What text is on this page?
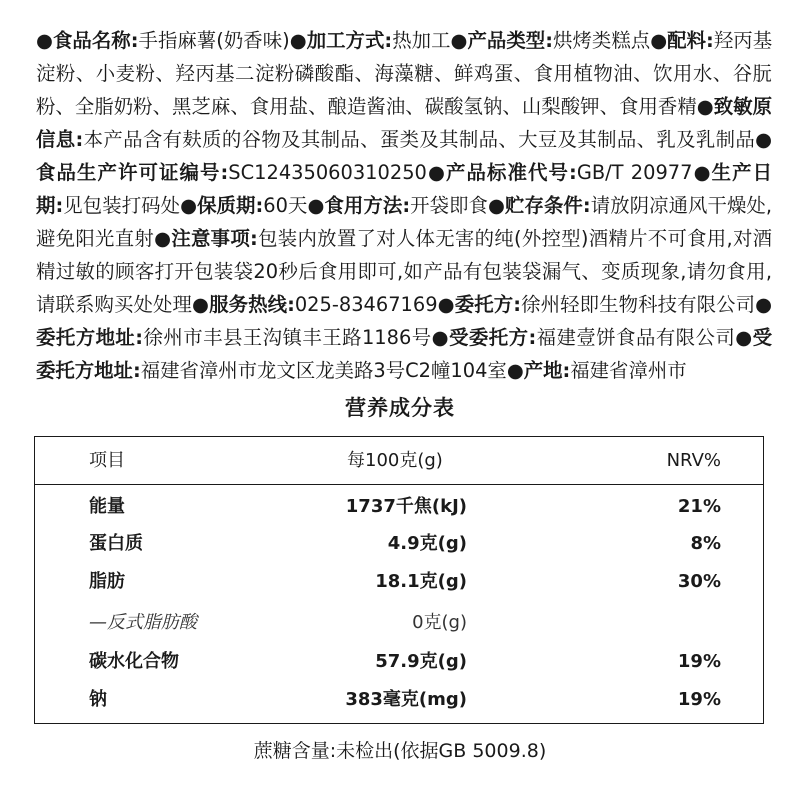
●食品名称:手指麻薯(奶香味)●加工方式:热加工●产品类型:烘烤类糕点●配料:羟丙基淀粉、小麦粉、羟丙基二淀粉磷酸酯、海藻糖、鲜鸡蛋、食用植物油、饮用水、谷朊粉、全脂奶粉、黑芝麻、食用盐、酿造酱油、碳酸氢钠、山梨酸钾、食用香精●致敏原信息:本产品含有麸质的谷物及其制品、蛋类及其制品、大豆及其制品、乳及乳制品●食品生产许可证编号:SC12435060310250●产品标准代号:GB/T 20977●生产日期:见包装打码处●保质期:60天●食用方法:开袋即食●贮存条件:请放阴凉通风干燥处,避免阳光直射●注意事项:包装内放置了对人体无害的纯(外控型)酒精片不可食用,对酒精过敏的顾客打开包装袋20秒后食用即可,如产品有包装袋漏气、变质现象,请勿食用,请联系购买处处理●服务热线:025-83467169●委托方:徐州轻即生物科技有限公司●委托方地址:徐州市丰县王沟镇丰王路1186号●受委托方:福建壹饼食品有限公司●受委托方地址:福建省漳州市龙文区龙美路3号C2幢104室●产地:福建省漳州市
营养成分表
项目	每100克(g)	NRV%
能量	1737千焦(kJ)	21%
蛋白质	4.9克(g)	8%
脂肪	18.1克(g)	30%
—反式脂肪酸	0克(g)
碳水化合物	57.9克(g)	19%
钠	383毫克(mg)	19%
蔗糖含量:未检出(依据GB 5009.8)
